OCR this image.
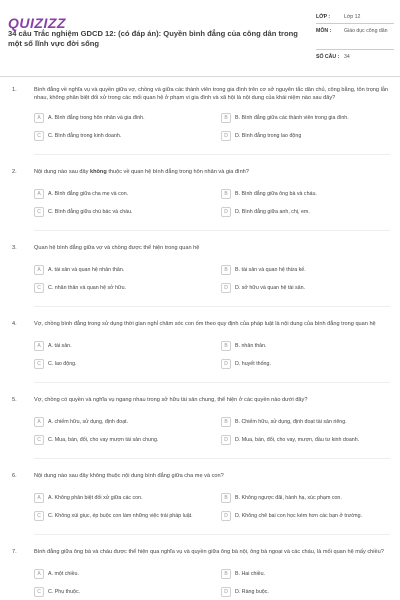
QUIZIZZ
34 câu Trắc nghiệm GDCD 12: (có đáp án): Quyền bình đẳng của công dân trong một số lĩnh vực đời sống
LỚP :	Lớp 12
MÔN :	Giáo dục công dân
SỐ CÂU : 34
1.	Bình đẳng về nghĩa vụ và quyền giữa vợ, chồng và giữa các thành viên trong gia đình trên cơ sở nguyên tắc dân chủ, công bằng, tôn trọng lẫn nhau, không phân biệt đối xử trong các mối quan hệ ở phạm vi gia đình và xã hội là nội dung của khái niệm nào sau đây?
A	A. Bình đẳng trong hôn nhân và gia đình.	B	B. Bình đẳng giữa các thành viên trong gia đình.
C	C. Bình đẳng trong kinh doanh.	D	D. Bình đẳng trong lao động
2.	Nội dung nào sau đây không thuộc về quan hệ bình đẳng trong hôn nhân và gia đình?
A	A. Bình đẳng giữa cha mẹ và con.	B	B. Bình đẳng giữa ông bà và cháu.
C	C. Bình đẳng giữa chú bác và cháu.	D	D. Bình đẳng giữa anh, chị, em.
3.	Quan hệ bình đẳng giữa vợ và chồng được thể hiện trong quan hệ
A	A. tài sản và quan hệ nhân thân.	B	B. tài sản và quan hệ thừa kế.
C	C. nhân thân và quan hệ sở hữu.	D	D. sở hữu và quan hệ tài sản.
4.	Vợ, chồng bình đẳng trong sử dụng thời gian nghỉ chăm sóc con ốm theo quy định của pháp luật là nội dung của bình đẳng trong quan hệ
A	A. tài sản.	B	B. nhân thân.
C	C. lao động.	D	D. huyết thống.
5.	Vợ, chồng có quyền và nghĩa vụ ngang nhau trong sở hữu tài sản chung, thể hiện ở các quyền nào dưới đây?
A	A. chiếm hữu, sử dụng, định đoạt.	B	B. Chiếm hữu, sử dụng, định đoạt tài sản riêng.
C	C. Mua, bán, đổi, cho vay mượn tài sản chung.	D	D. Mua, bán, đổi, cho vay, mượn, đầu tư kinh doanh.
6.	Nội dung nào sau đây không thuộc nội dung bình đẳng giữa cha mẹ và con?
A	A. Không phân biệt đối xử giữa các con.	B	B. Không ngược đãi, hành hạ, xúc phạm con.
C	C. Không xúi giục, ép buộc con làm những việc trái pháp luật.	D	D. Không chê bai con học kém hơn các bạn ở trường.
7.	Bình đẳng giữa ông bà và cháu được thể hiện qua nghĩa vụ và quyền giữa ông bà nội, ông bà ngoại và các cháu, là mối quan hệ mấy chiều?
A	A. một chiều.	B	B. Hai chiều.
C	C. Phụ thuộc.	D	D. Ràng buộc.
